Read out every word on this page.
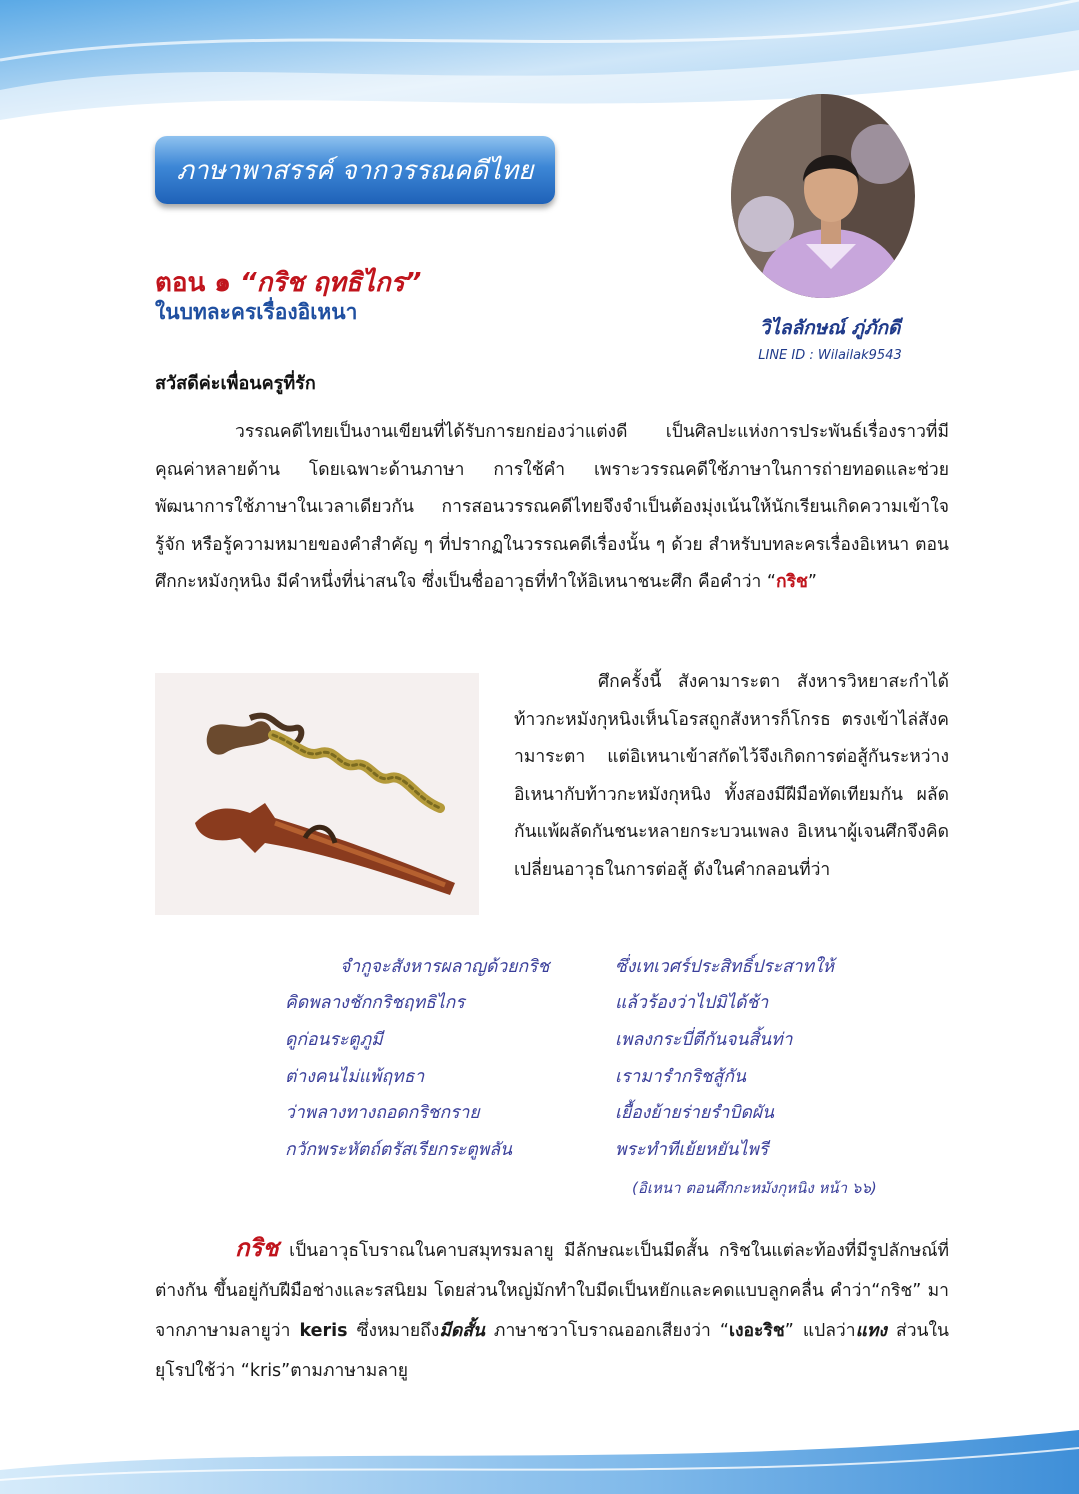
ภาษาพาสรรค์ จากวรรณคดีไทย
วิไลลักษณ์ ภู่ภักดี
LINE ID : Wilailak9543
ตอน ๑ “กริช ฤทธิไกร”
ในบทละครเรื่องอิเหนา
สวัสดีค่ะเพื่อนครูที่รัก

วรรณคดีไทยเป็นงานเขียนที่ได้รับการยกย่องว่าแต่งดี เป็นศิลปะแห่งการประพันธ์เรื่องราวที่มีคุณค่าหลายด้าน โดยเฉพาะด้านภาษา การใช้คำ เพราะวรรณคดีใช้ภาษาในการถ่ายทอดและช่วยพัฒนาการใช้ภาษาในเวลาเดียวกัน การสอนวรรณคดีไทยจึงจำเป็นต้องมุ่งเน้นให้นักเรียนเกิดความเข้าใจ รู้จัก หรือรู้ความหมายของคำสำคัญ ๆ ที่ปรากฏในวรรณคดีเรื่องนั้น ๆ ด้วย สำหรับบทละครเรื่องอิเหนา ตอนศึกกะหมังกุหนิง มีคำหนึ่งที่น่าสนใจ ซึ่งเป็นชื่ออาวุธที่ทำให้อิเหนาชนะศึก คือคำว่า “กริช”

ศึกครั้งนี้ สังคามาระตา สังหารวิหยาสะกำได้ ท้าวกะหมังกุหนิงเห็นโอรสถูกสังหารก็โกรธ ตรงเข้าไล่สังคามาระตา แต่อิเหนาเข้าสกัดไว้จึงเกิดการต่อสู้กันระหว่างอิเหนากับท้าวกะหมังกุหนิง ทั้งสองมีฝีมือทัดเทียมกัน ผลัดกันแพ้ผลัดกันชนะหลายกระบวนเพลง อิเหนาผู้เจนศึกจึงคิดเปลี่ยนอาวุธในการต่อสู้ ดังในคำกลอนที่ว่า

จำกูจะสังหารผลาญด้วยกริช
คิดพลางชักกริชฤทธิไกร
ดูก่อนระตูภูมี
ต่างคนไม่แพ้ฤทธา
ว่าพลางทางถอดกริชกราย
กวักพระหัตถ์ตรัสเรียกระตูพลัน
ซึ่งเทเวศร์ประสิทธิ์ประสาทให้
แล้วร้องว่าไปมิได้ช้า
เพลงกระบี่ตีกันจนสิ้นท่า
เรามารำกริชสู้กัน
เยื้องย้ายร่ายรำบิดผัน
พระทำทีเย้ยหยันไพรี
(อิเหนา ตอนศึกกะหมังกุหนิง หน้า ๖๖)

กริช เป็นอาวุธโบราณในคาบสมุทรมลายู มีลักษณะเป็นมีดสั้น กริชในแต่ละท้องที่มีรูปลักษณ์ที่ต่างกัน ขึ้นอยู่กับฝีมือช่างและรสนิยม โดยส่วนใหญ่มักทำใบมีดเป็นหยักและคดแบบลูกคลื่น คำว่า“กริช” มาจากภาษามลายูว่า keris ซึ่งหมายถึงมีดสั้น ภาษาชวาโบราณออกเสียงว่า “เงอะริช” แปลว่าแทง ส่วนในยุโรปใช้ว่า “kris”ตามภาษามลายู
